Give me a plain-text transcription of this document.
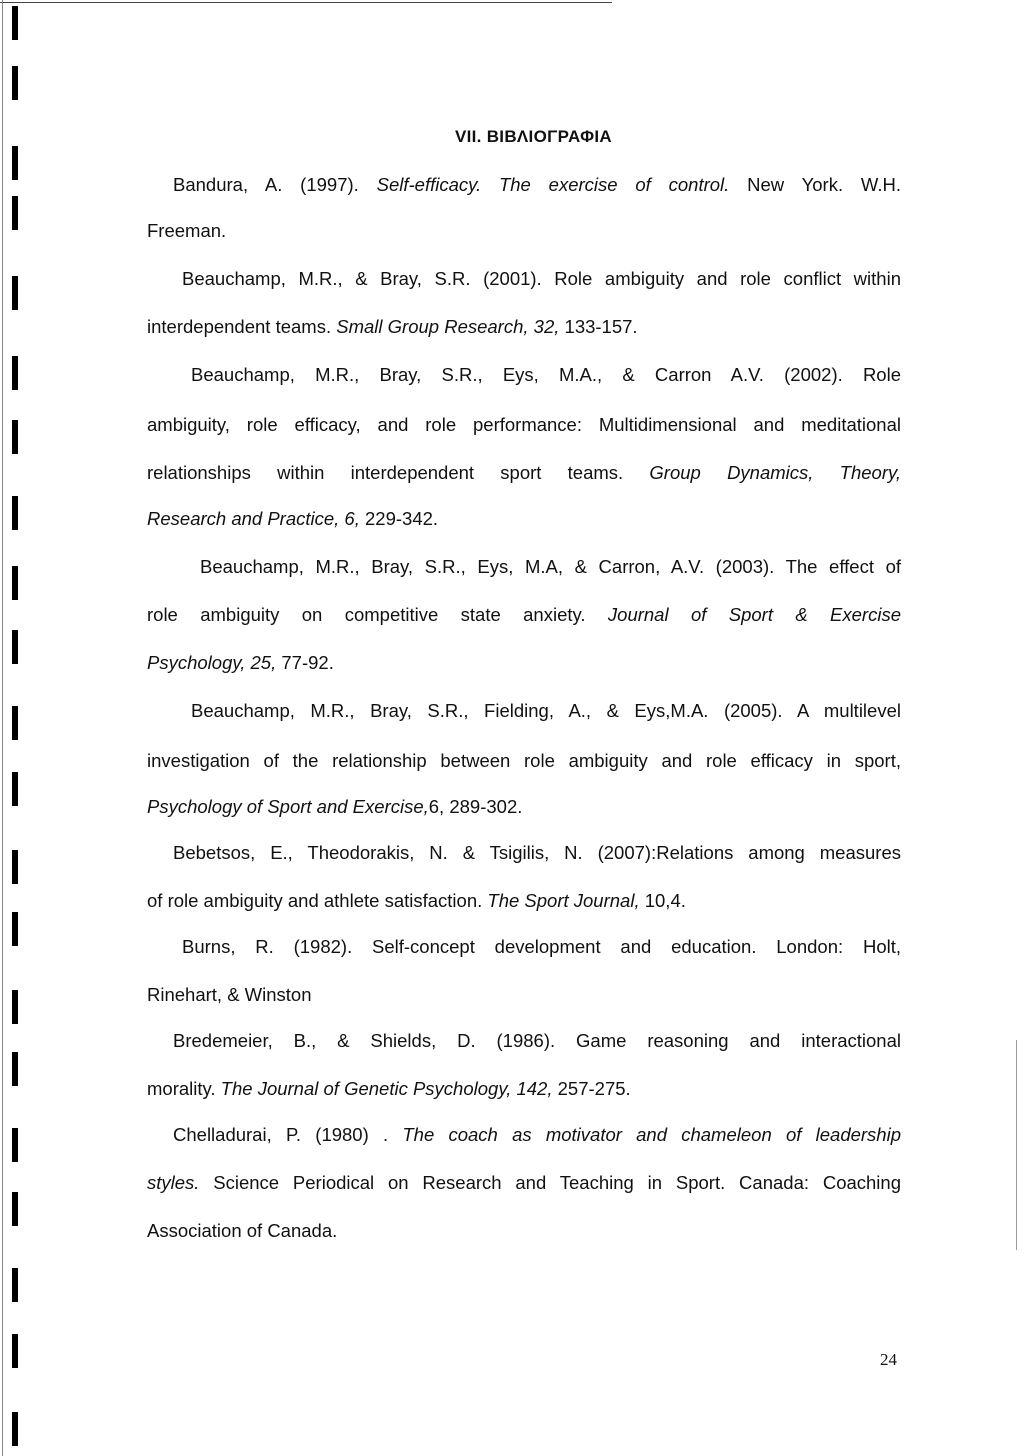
VII. ΒΙΒΛΙΟΓΡΑΦΙΑ
Bandura, A. (1997). Self-efficacy. The exercise of control. New York. W.H.
Freeman.
Beauchamp, M.R., & Bray, S.R. (2001). Role ambiguity and role conflict within
interdependent teams. Small Group Research, 32, 133-157.
Beauchamp, M.R., Bray, S.R., Eys, M.A., & Carron A.V. (2002). Role
ambiguity, role efficacy, and role performance: Multidimensional and meditational
relationships within interdependent sport teams. Group Dynamics, Theory,
Research and Practice, 6, 229-342.
Beauchamp, M.R., Bray, S.R., Eys, M.A, & Carron, A.V. (2003). The effect of
role ambiguity on competitive state anxiety. Journal of Sport & Exercise
Psychology, 25, 77-92.
Beauchamp, M.R., Bray, S.R., Fielding, A., & Eys,M.A. (2005). A multilevel
investigation of the relationship between role ambiguity and role efficacy in sport,
Psychology of Sport and Exercise,6, 289-302.
Bebetsos, E., Theodorakis, N. & Tsigilis, N. (2007):Relations among measures
of role ambiguity and athlete satisfaction. The Sport Journal, 10,4.
Burns, R. (1982). Self-concept development and education. London: Holt,
Rinehart, & Winston
Bredemeier, B., & Shields, D. (1986). Game reasoning and interactional
morality. The Journal of Genetic Psychology, 142, 257-275.
Chelladurai, P. (1980) . The coach as motivator and chameleon of leadership
styles. Science Periodical on Research and Teaching in Sport. Canada: Coaching
Association of Canada.
24
